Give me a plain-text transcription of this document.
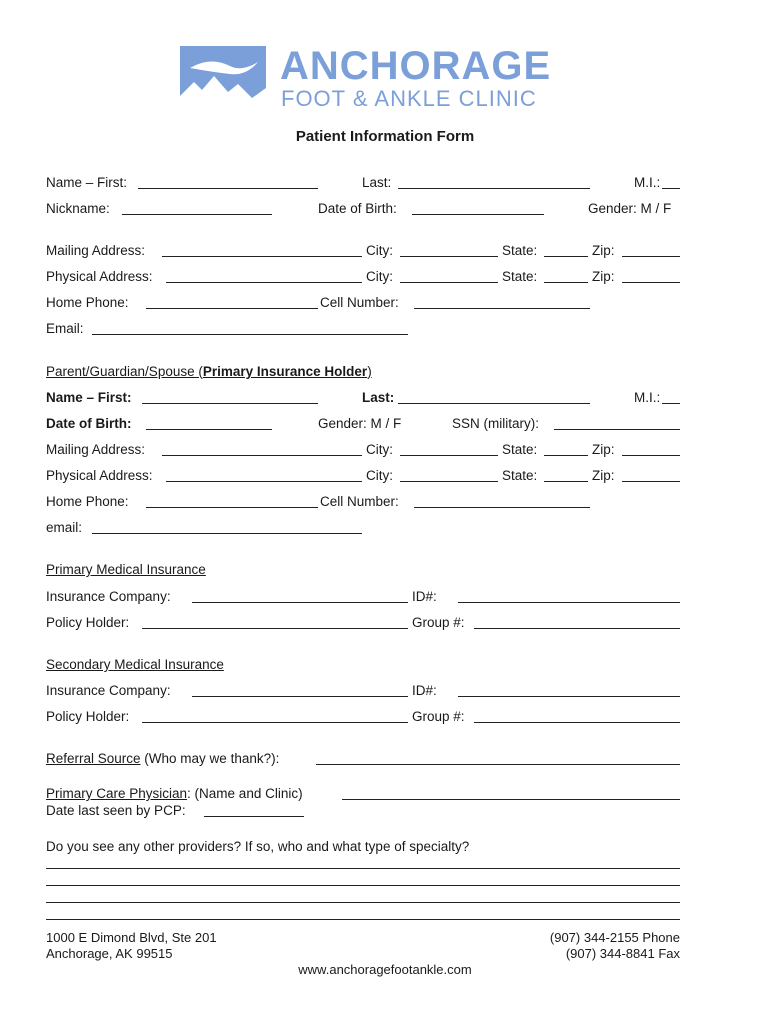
ANCHORAGE
FOOT & ANKLE CLINIC
Patient Information Form
Name – First:	Last:	M.I.:
Nickname:	Date of Birth:	Gender: M / F
Mailing Address:	City:	State:	Zip:
Physical Address:	City:	State:	Zip:
Home Phone:	Cell Number:
Email:
Parent/Guardian/Spouse (Primary Insurance Holder)
Name – First:	Last:	M.I.:
Date of Birth:	Gender: M / F	SSN (military):
Mailing Address:	City:	State:	Zip:
Physical Address:	City:	State:	Zip:
Home Phone:	Cell Number:
email:
Primary Medical Insurance
Insurance Company:	ID#:
Policy Holder:	Group #:
Secondary Medical Insurance
Insurance Company:	ID#:
Policy Holder:	Group #:
Referral Source (Who may we thank?):
Primary Care Physician: (Name and Clinic)
Date last seen by PCP:
Do you see any other providers? If so, who and what type of specialty?
1000 E Dimond Blvd, Ste 201
Anchorage, AK 99515
(907) 344-2155 Phone
(907) 344-8841 Fax
www.anchoragefootankle.com
